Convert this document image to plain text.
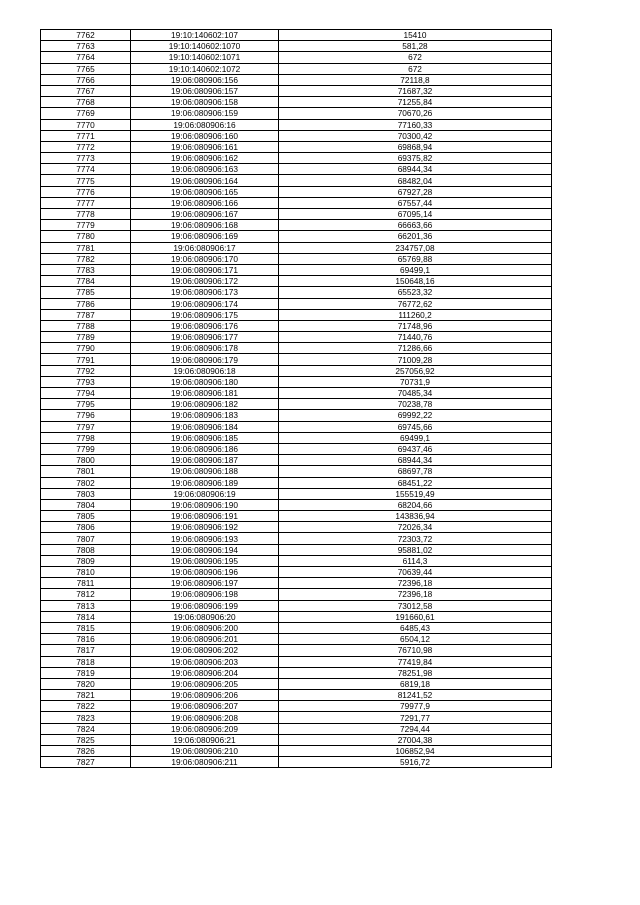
7762	19:10:140602:107	15410
7763	19:10:140602:1070	581,28
7764	19:10:140602:1071	672
7765	19:10:140602:1072	672
7766	19:06:080906:156	72118,8
7767	19:06:080906:157	71687,32
7768	19:06:080906:158	71255,84
7769	19:06:080906:159	70670,26
7770	19:06:080906:16	77160,33
7771	19:06:080906:160	70300,42
7772	19:06:080906:161	69868,94
7773	19:06:080906:162	69375,82
7774	19:06:080906:163	68944,34
7775	19:06:080906:164	68482,04
7776	19:06:080906:165	67927,28
7777	19:06:080906:166	67557,44
7778	19:06:080906:167	67095,14
7779	19:06:080906:168	66663,66
7780	19:06:080906:169	66201,36
7781	19:06:080906:17	234757,08
7782	19:06:080906:170	65769,88
7783	19:06:080906:171	69499,1
7784	19:06:080906:172	150648,16
7785	19:06:080906:173	65523,32
7786	19:06:080906:174	76772,62
7787	19:06:080906:175	111260,2
7788	19:06:080906:176	71748,96
7789	19:06:080906:177	71440,76
7790	19:06:080906:178	71286,66
7791	19:06:080906:179	71009,28
7792	19:06:080906:18	257056,92
7793	19:06:080906:180	70731,9
7794	19:06:080906:181	70485,34
7795	19:06:080906:182	70238,78
7796	19:06:080906:183	69992,22
7797	19:06:080906:184	69745,66
7798	19:06:080906:185	69499,1
7799	19:06:080906:186	69437,46
7800	19:06:080906:187	68944,34
7801	19:06:080906:188	68697,78
7802	19:06:080906:189	68451,22
7803	19:06:080906:19	155519,49
7804	19:06:080906:190	68204,66
7805	19:06:080906:191	143836,94
7806	19:06:080906:192	72026,34
7807	19:06:080906:193	72303,72
7808	19:06:080906:194	95881,02
7809	19:06:080906:195	6114,3
7810	19:06:080906:196	70639,44
7811	19:06:080906:197	72396,18
7812	19:06:080906:198	72396,18
7813	19:06:080906:199	73012,58
7814	19:06:080906:20	191660,61
7815	19:06:080906:200	6485,43
7816	19:06:080906:201	6504,12
7817	19:06:080906:202	76710,98
7818	19:06:080906:203	77419,84
7819	19:06:080906:204	78251,98
7820	19:06:080906:205	6819,18
7821	19:06:080906:206	81241,52
7822	19:06:080906:207	79977,9
7823	19:06:080906:208	7291,77
7824	19:06:080906:209	7294,44
7825	19:06:080906:21	27004,38
7826	19:06:080906:210	106852,94
7827	19:06:080906:211	5916,72
